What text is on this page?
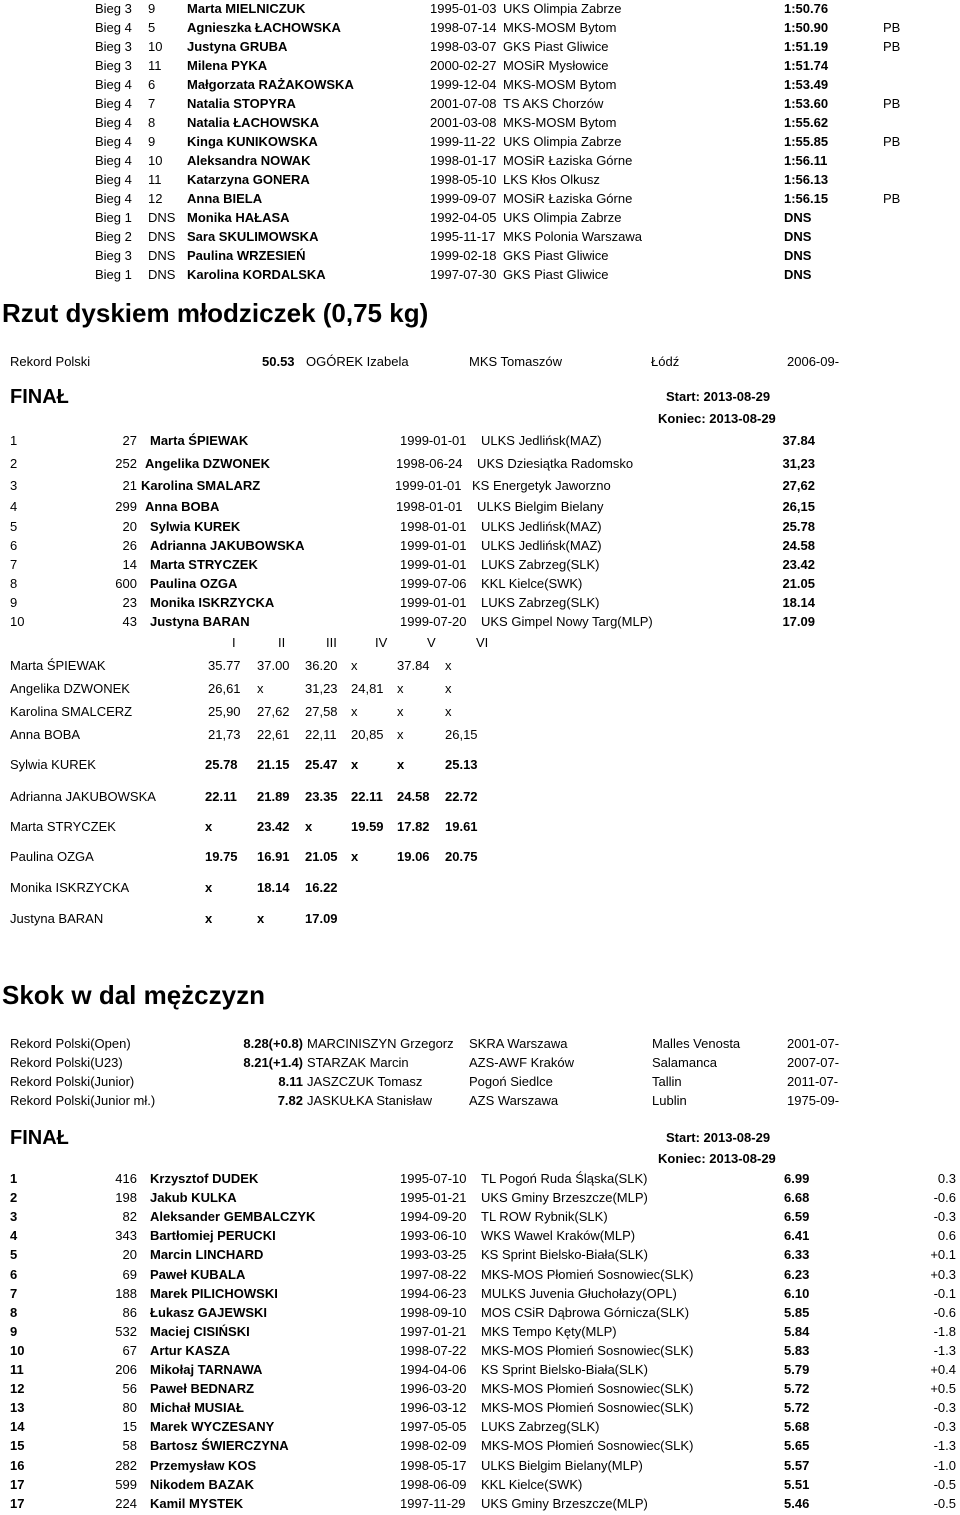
Bieg 3 9 Marta MIELNICZUK	1995-01-03 UKS Olimpia Zabrze	1:50.76
Bieg 4 5 Agnieszka ŁACHOWSKA	1998-07-14 MKS-MOSM Bytom	1:50.90	PB
Bieg 3 10 Justyna GRUBA	1998-03-07 GKS Piast Gliwice	1:51.19	PB
Bieg 3 11 Milena PYKA	2000-02-27 MOSiR Mysłowice	1:51.74
Bieg 4 6 Małgorzata RAŻAKOWSKA	1999-12-04 MKS-MOSM Bytom	1:53.49
Bieg 4 7 Natalia STOPYRA	2001-07-08 TS AKS Chorzów	1:53.60	PB
Bieg 4 8 Natalia ŁACHOWSKA	2001-03-08 MKS-MOSM Bytom	1:55.62
Bieg 4 9 Kinga KUNIKOWSKA	1999-11-22 UKS Olimpia Zabrze	1:55.85	PB
Bieg 4 10 Aleksandra NOWAK	1998-01-17 MOSiR Łaziska Górne	1:56.11
Bieg 4 11 Katarzyna GONERA	1998-05-10 LKS Kłos Olkusz	1:56.13
Bieg 4 12 Anna BIELA	1999-09-07 MOSiR Łaziska Górne	1:56.15	PB
Bieg 1 DNS Monika HAŁASA	1992-04-05 UKS Olimpia Zabrze	DNS
Bieg 2 DNS Sara SKULIMOWSKA	1995-11-17 MKS Polonia Warszawa	DNS
Bieg 3 DNS Paulina WRZESIEŃ	1999-02-18 GKS Piast Gliwice	DNS
Bieg 1 DNS Karolina KORDALSKA	1997-07-30 GKS Piast Gliwice	DNS
Rzut dyskiem młodziczek (0,75 kg)
Rekord Polski	50.53 OGÓREK Izabela	MKS Tomaszów	Łódź	2006-09-
FINAŁ	Start: 2013-08-29
Koniec: 2013-08-29
1	27 Marta ŚPIEWAK	1999-01-01 ULKS Jedlińsk(MAZ)	37.84
2	252 Angelika DZWONEK	1998-06-24 UKS Dziesiątka Radomsko	31,23
3	21 Karolina SMALARZ	1999-01-01 KS Energetyk Jaworzno	27,62
4	299 Anna BOBA	1998-01-01 ULKS Bielgim Bielany	26,15
5	20 Sylwia KUREK	1998-01-01 ULKS Jedlińsk(MAZ)	25.78
6	26 Adrianna JAKUBOWSKA	1999-01-01 ULKS Jedlińsk(MAZ)	24.58
7	14 Marta STRYCZEK	1999-01-01 LUKS Zabrzeg(SLK)	23.42
8	600 Paulina OZGA	1999-07-06 KKL Kielce(SWK)	21.05
9	23 Monika ISKRZYCKA	1999-01-01 LUKS Zabrzeg(SLK)	18.14
10	43 Justyna BARAN	1999-07-20 UKS Gimpel Nowy Targ(MLP)	17.09
I	II	III	IV	V	VI
Marta ŚPIEWAK	35.77 37.00 36.20 x	37.84 x
Angelika DZWONEK	26,61 x	31,23 24,81 x	x
Karolina SMALCERZ	25,90 27,62 27,58 x	x	x
Anna BOBA	21,73 22,61 22,11 20,85 x	26,15
Sylwia KUREK	25.78 21.15 25.47 x	x	25.13
Adrianna JAKUBOWSKA	22.11 21.89 23.35 22.11 24.58 22.72
Marta STRYCZEK	x	23.42 x	19.59 17.82 19.61
Paulina OZGA	19.75 16.91 21.05 x	19.06 20.75
Monika ISKRZYCKA	x	18.14 16.22
Justyna BARAN	x	x	17.09
Skok w dal mężczyzn
Rekord Polski(Open)	8.28(+0.8) MARCINISZYN Grzegorz SKRA Warszawa	Malles Venosta	2001-07-
Rekord Polski(U23)	8.21(+1.4) STARZAK Marcin	AZS-AWF Kraków	Salamanca	2007-07-
Rekord Polski(Junior)	8.11 JASZCZUK Tomasz	Pogoń Siedlce	Tallin	2011-07-
Rekord Polski(Junior mł.)	7.82 JASKUŁKA Stanisław	AZS Warszawa	Lublin	1975-09-
FINAŁ	Start: 2013-08-29
Koniec: 2013-08-29
1	416 Krzysztof DUDEK	1995-07-10 TL Pogoń Ruda Śląska(SLK)	6.99	0.3
2	198 Jakub KULKA	1995-01-21 UKS Gminy Brzeszcze(MLP)	6.68	-0.6
3	82 Aleksander GEMBALCZYK	1994-09-20 TL ROW Rybnik(SLK)	6.59	-0.3
4	343 Bartłomiej PERUCKI	1993-06-10 WKS Wawel Kraków(MLP)	6.41	0.6
5	20 Marcin LINCHARD	1993-03-25 KS Sprint Bielsko-Biała(SLK)	6.33	+0.1
6	69 Paweł KUBALA	1997-08-22 MKS-MOS Płomień Sosnowiec(SLK)	6.23	+0.3
7	188 Marek PILICHOWSKI	1994-06-23 MULKS Juvenia Głuchołazy(OPL)	6.10	-0.1
8	86 Łukasz GAJEWSKI	1998-09-10 MOS CSiR Dąbrowa Górnicza(SLK)	5.85	-0.6
9	532 Maciej CISIŃSKI	1997-01-21 MKS Tempo Kęty(MLP)	5.84	-1.8
10	67 Artur KASZA	1998-07-22 MKS-MOS Płomień Sosnowiec(SLK)	5.83	-1.3
11	206 Mikołaj TARNAWA	1994-04-06 KS Sprint Bielsko-Biała(SLK)	5.79	+0.4
12	56 Paweł BEDNARZ	1996-03-20 MKS-MOS Płomień Sosnowiec(SLK)	5.72	+0.5
13	80 Michał MUSIAŁ	1996-03-12 MKS-MOS Płomień Sosnowiec(SLK)	5.72	-0.3
14	15 Marek WYCZESANY	1997-05-05 LUKS Zabrzeg(SLK)	5.68	-0.3
15	58 Bartosz ŚWIERCZYNA	1998-02-09 MKS-MOS Płomień Sosnowiec(SLK)	5.65	-1.3
16	282 Przemysław KOS	1998-05-17 ULKS Bielgim Bielany(MLP)	5.57	-1.0
17	599 Nikodem BAZAK	1998-06-09 KKL Kielce(SWK)	5.51	-0.5
17	224 Kamil MYSTEK	1997-11-29 UKS Gminy Brzeszcze(MLP)	5.46	-0.5
